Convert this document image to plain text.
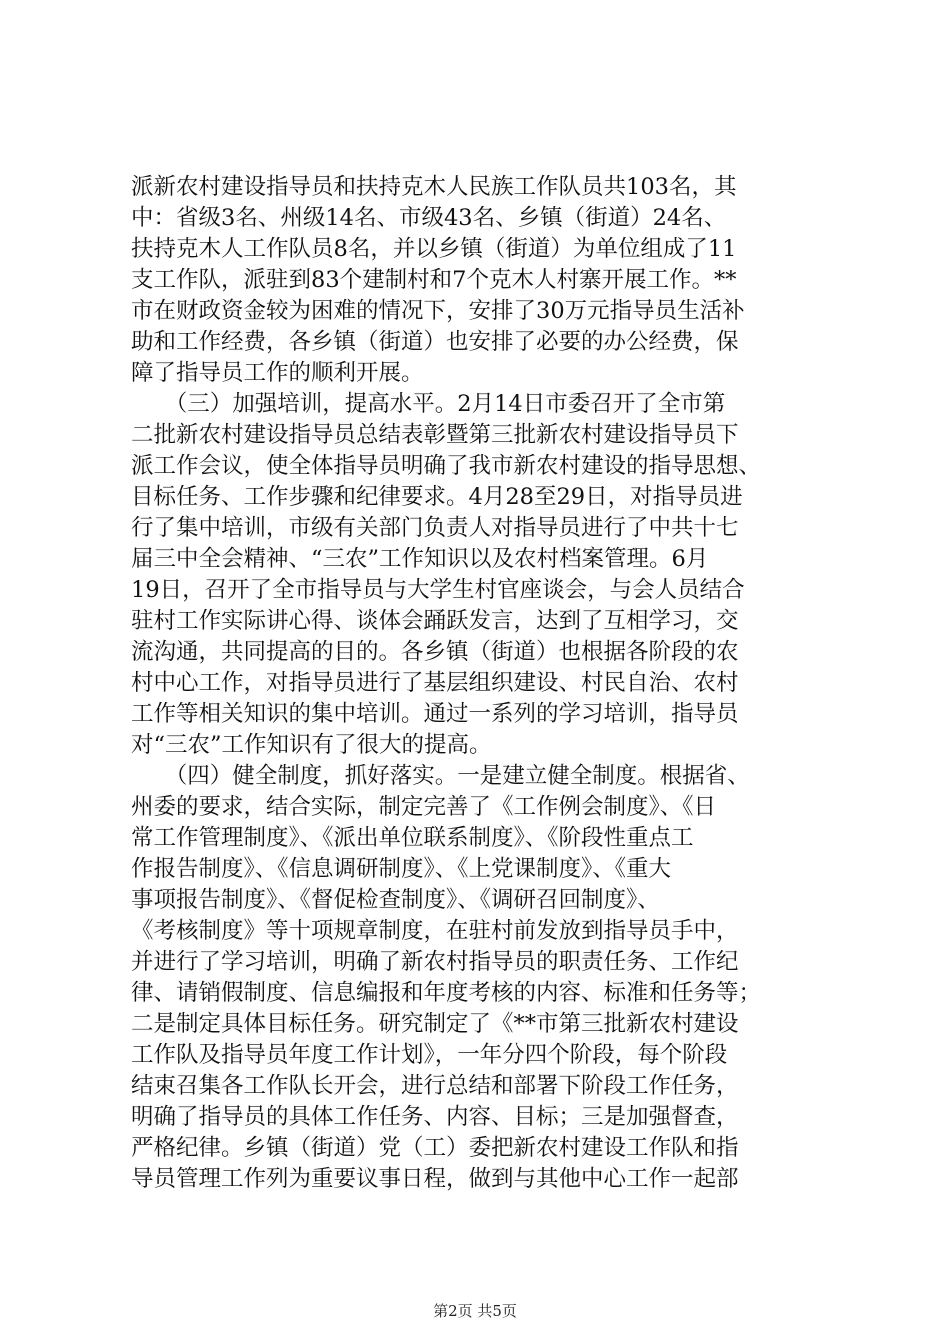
派新农村建设指导员和扶持克木人民族工作队员共103名，其
中：省级3名、州级14名、市级43名、乡镇（街道）24名、
扶持克木人工作队员8名，并以乡镇（街道）为单位组成了11
支工作队，派驻到83个建制村和7个克木人村寨开展工作。**
市在财政资金较为困难的情况下，安排了30万元指导员生活补
助和工作经费，各乡镇（街道）也安排了必要的办公经费，保
障了指导员工作的顺利开展。
　　（三）加强培训，提高水平。2月14日市委召开了全市第
二批新农村建设指导员总结表彰暨第三批新农村建设指导员下
派工作会议，使全体指导员明确了我市新农村建设的指导思想、
目标任务、工作步骤和纪律要求。4月28至29日，对指导员进
行了集中培训，市级有关部门负责人对指导员进行了中共十七
届三中全会精神、“三农”工作知识以及农村档案管理。6月
19日，召开了全市指导员与大学生村官座谈会，与会人员结合
驻村工作实际讲心得、谈体会踊跃发言，达到了互相学习，交
流沟通，共同提高的目的。各乡镇（街道）也根据各阶段的农
村中心工作，对指导员进行了基层组织建设、村民自治、农村
工作等相关知识的集中培训。通过一系列的学习培训，指导员
对“三农”工作知识有了很大的提高。
　　（四）健全制度，抓好落实。一是建立健全制度。根据省、
州委的要求，结合实际，制定完善了《工作例会制度》、《日
常工作管理制度》、《派出单位联系制度》、《阶段性重点工
作报告制度》、《信息调研制度》、《上党课制度》、《重大
事项报告制度》、《督促检查制度》、《调研召回制度》、
《考核制度》等十项规章制度，在驻村前发放到指导员手中，
并进行了学习培训，明确了新农村指导员的职责任务、工作纪
律、请销假制度、信息编报和年度考核的内容、标准和任务等；
二是制定具体目标任务。研究制定了《**市第三批新农村建设
工作队及指导员年度工作计划》，一年分四个阶段，每个阶段
结束召集各工作队长开会，进行总结和部署下阶段工作任务，
明确了指导员的具体工作任务、内容、目标；三是加强督查，
严格纪律。乡镇（街道）党（工）委把新农村建设工作队和指
导员管理工作列为重要议事日程，做到与其他中心工作一起部
第2页 共5页
